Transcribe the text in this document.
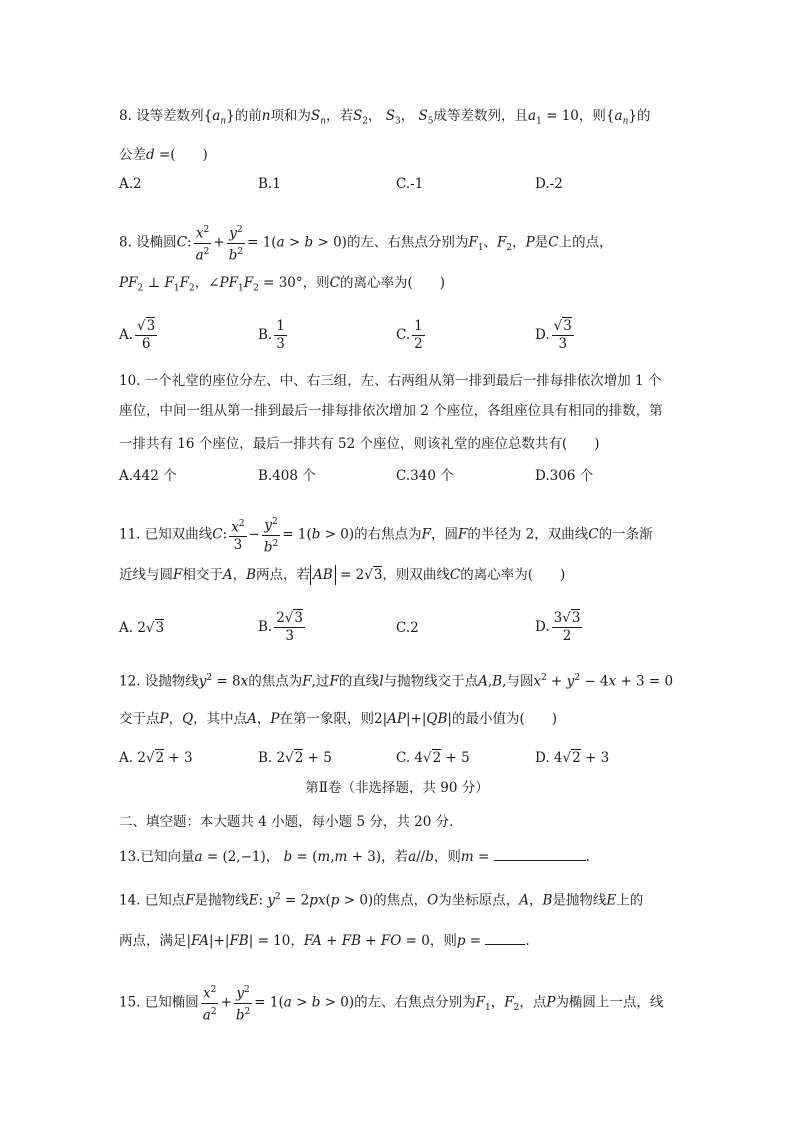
8. 设等差数列$\{a_n\}$的前n项和为$S_n$，若$S_2$， $S_3$， $S_5$成等差数列，且$a_1 = 10$，则$\{a_n\}$的
公差d =(　　)
A.2	B.1	C.-1	D.-2
8. 设椭圆C: $\frac{x^2}{a^2} + \frac{y^2}{b^2} = 1(a > b > 0)$的左、右焦点分别为$F_1$、$F_2$，P是C上的点，
$PF_2$ ⊥ $F_1F_2$，$\angle PF_1F_2 = 30^\circ$，则C的离心率为(　　)
A. $\frac{√3}{6}$	B. $\frac{1}{3}$	C. $\frac{1}{2}$	D. $\frac{√3}{3}$
10. 一个礼堂的座位分左、中、右三组，左、右两组从第一排到最后一排每排依次增加 1 个
座位，中间一组从第一排到最后一排每排依次增加 2 个座位，各组座位具有相同的排数，第
一排共有 16 个座位，最后一排共有 52 个座位，则该礼堂的座位总数共有(　　)
A.442 个	B.408 个	C.340 个	D.306 个
11. 已知双曲线C: $\frac{x^2}{3} - \frac{y^2}{b^2} = 1(b > 0)$的右焦点为F，圆F的半径为 2，双曲线C的一条渐
近线与圆F相交于A，B两点，若 AB = 2√3，则双曲线C的离心率为(　　)
A. 2√3	B. $\frac{2√3}{3}$	C.2	D. $\frac{3√3}{2}$
12. 设抛物线$y^2 = 8x$的焦点为F,过F的直线l与抛物线交于点A,B,与圆$x^2 + y^2 - 4x + 3 = 0$
交于点P，Q，其中点A，P在第一象限，则2|AP|+|QB|的最小值为(　　)
A. 2√2 + 3	B. 2√2 + 5	C. 4√2 + 5	D. 4√2 + 3
第Ⅱ卷（非选择题，共 90 分）
二、填空题：本大题共 4 小题，每小题 5 分，共 20 分．
13.已知向量a = (2,−1)， b = (m,m + 3)，若a//b，则m =	.
14. 已知点F是抛物线E: $y^2 = 2px(p > 0)$的焦点，O为坐标原点，A，B是抛物线E上的
两点，满足|FA|+|FB| = 10，FA + FB + FO = 0，则p =	.
15. 已知椭圆 $\frac{x^2}{a^2} + \frac{y^2}{b^2} = 1(a > b > 0)$的左、右焦点分别为$F_1$，$F_2$，点P为椭圆上一点，线
